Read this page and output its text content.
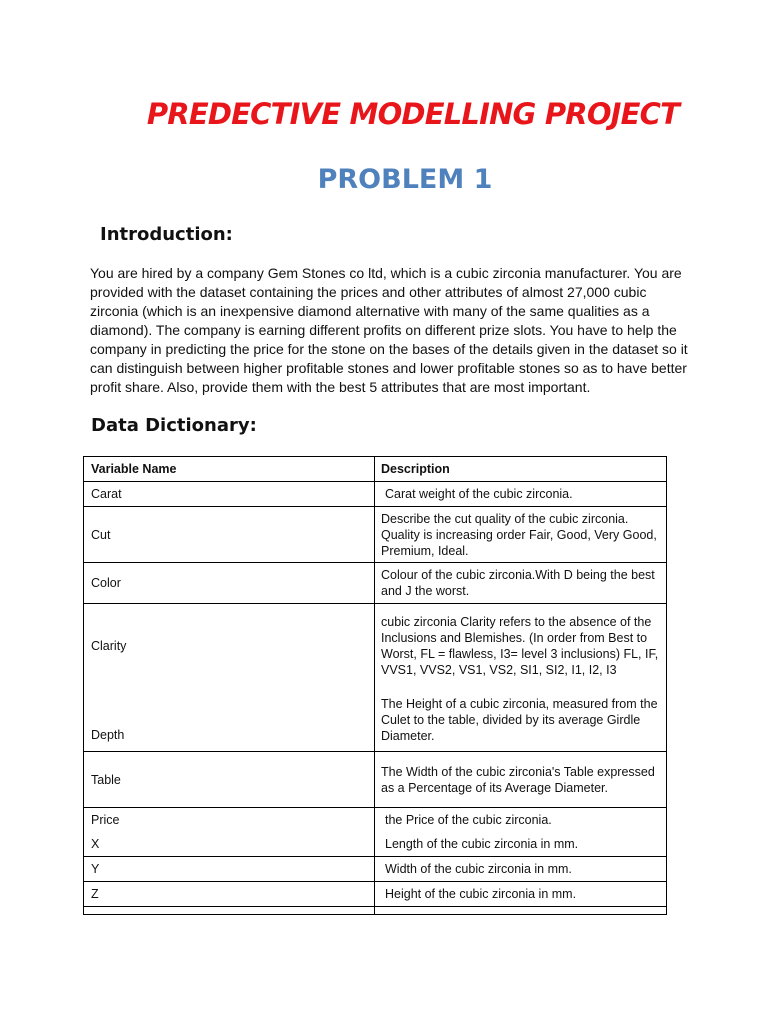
PREDECTIVE MODELLING PROJECT
PROBLEM 1
Introduction:

You are hired by a company Gem Stones co ltd, which is a cubic zirconia manufacturer. You are provided with the dataset containing the prices and other attributes of almost 27,000 cubic zirconia (which is an inexpensive diamond alternative with many of the same qualities as a diamond). The company is earning different profits on different prize slots. You have to help the company in predicting the price for the stone on the bases of the details given in the dataset so it can distinguish between higher profitable stones and lower profitable stones so as to have better profit share. Also, provide them with the best 5 attributes that are most important.

Data Dictionary:
Variable Name	Description
Carat	Carat weight of the cubic zirconia.
Cut	Describe the cut quality of the cubic zirconia. Quality is increasing order Fair, Good, Very Good, Premium, Ideal.
Color	Colour of the cubic zirconia.With D being the best and J the worst.
Clarity	cubic zirconia Clarity refers to the absence of the Inclusions and Blemishes. (In order from Best to Worst, FL = flawless, I3= level 3 inclusions) FL, IF, VVS1, VVS2, VS1, VS2, SI1, SI2, I1, I2, I3
Depth	The Height of a cubic zirconia, measured from the Culet to the table, divided by its average Girdle Diameter.
Table	The Width of the cubic zirconia's Table expressed as a Percentage of its Average Diameter.
Price	the Price of the cubic zirconia.
X	Length of the cubic zirconia in mm.
Y	Width of the cubic zirconia in mm.
Z	Height of the cubic zirconia in mm.
